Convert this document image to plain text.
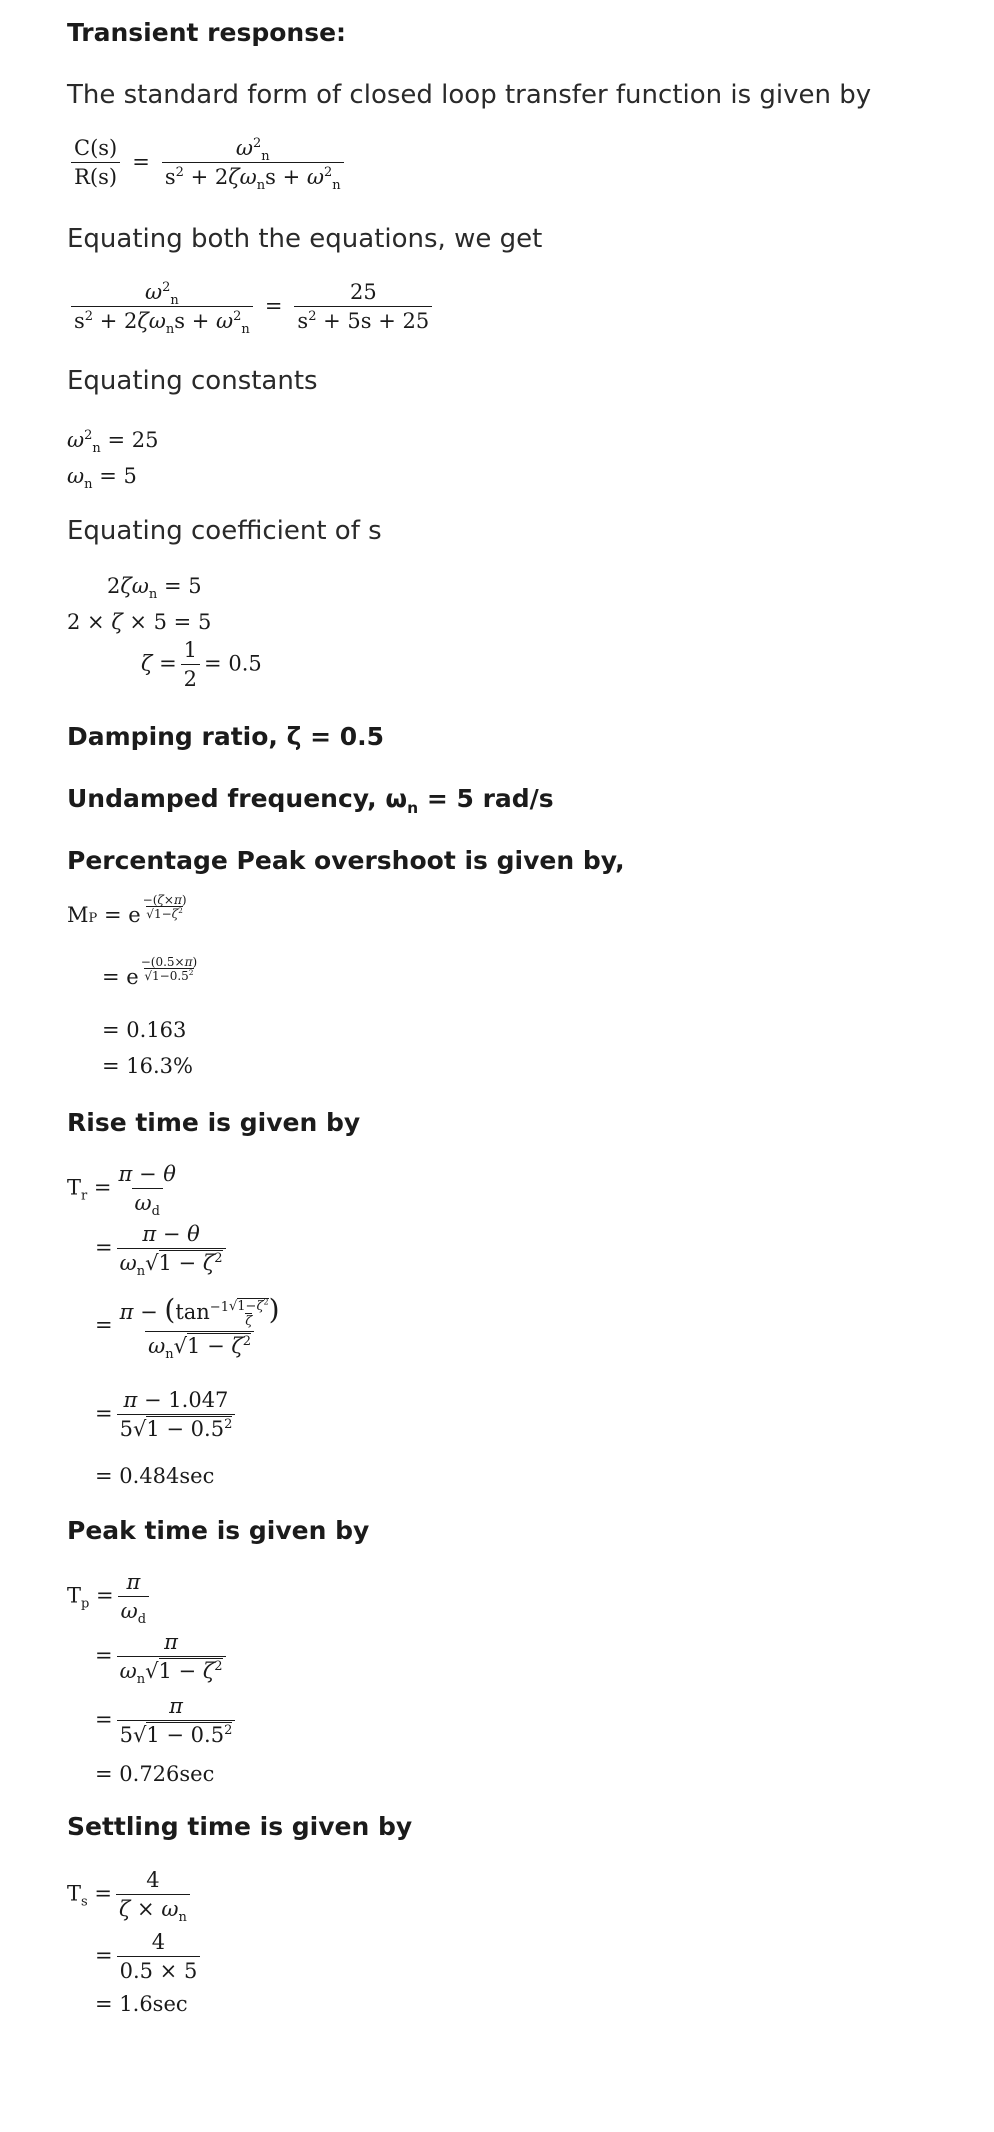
Transient response:
The standard form of closed loop transfer function is given by
$\frac{C(s)}{R(s)} = \frac{\omega^2_n}{s^2 + 2\zeta\omega_ns + \omega^2_n}$
Equating both the equations, we get
$\frac{\omega^2_n}{s^2 + 2\zeta\omega_ns + \omega^2_n} = \frac{25}{s^2 + 5s + 25}$
Equating constants
$\omega^2_n = 25$
$\omega_n = 5$
Equating coefficient of s
$2\zeta\omega_n = 5$
2 × ζ × 5 = 5
$\zeta = \frac{1}{2} = 0.5$
Damping ratio, ζ = 0.5
Undamped frequency, $\omega_n = 5$ rad/s
Percentage Peak overshoot is given by,
MP = e $\frac{-(\zeta\times\pi)}{√1-\zeta^2}$
= e $\frac{-(0.5\times\pi)}{√1-0.5^2}$
= 0.163
= 16.3%
Rise time is given by
$T_r = \frac{\pi - \theta}{\omega_d}$
= $\frac{\pi - \theta}{\omega_n√1 - \zeta^2}$
= $\frac{\pi - (\tan^{-1} \frac{√1-\zeta^2}{\zeta} )}{\omega_n√1 - \zeta^2}$
= $\frac{\pi - 1.047}{5√1 - 0.5^2}$
= 0.484sec
Peak time is given by
$T_p = \frac{\pi}{\omega_d}$
= $\frac{\pi}{\omega_n√1 - \zeta^2}$
= $\frac{\pi}{5√1 - 0.5^2}$
= 0.726sec
Settling time is given by
$T_s = \frac{4}{\zeta \times \omega_n}$
= $\frac{4}{0.5 \times 5}$
= 1.6sec
